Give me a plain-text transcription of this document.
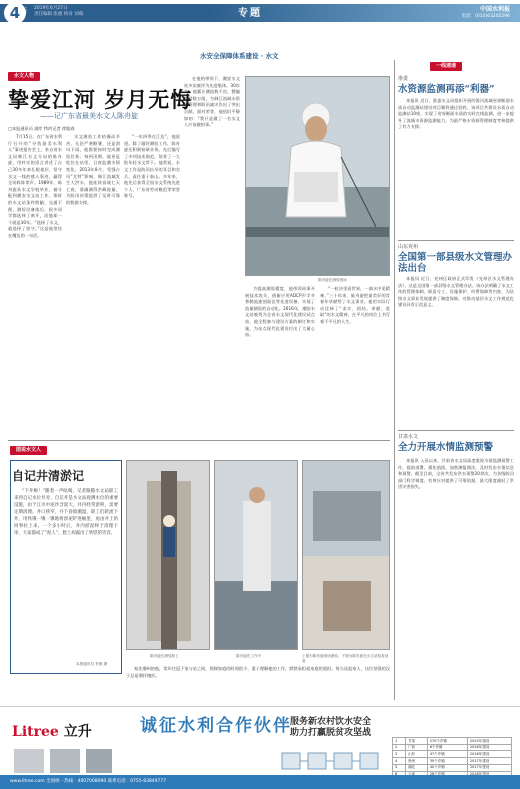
4 版 2019年6月27日
责任编辑 张惠 校对 刘萌	专题	中国水利报
电话：(010)63205296
水安全保障体系建设 · 水文
水文人物
挚爱江河 岁月无悔
——记广东省最美水文人陈舟旋
□本报通讯员 湖岸 特约记者 徐聪春
7月15日，在广东省水利厅召开的“寻找最美水利人”事迹报告会上，来自省水文局韩江水文分局的陈舟旋，用朴实的语言讲述了自己30多年来扎根基层、坚守水文一线的感人事迹，赢得全场阵阵掌声。1989年，陈舟旋从水文学校毕业，被分配到潮安水文站工作。那时的水文站条件简陋，交通不便，测验设备落后，很多同学都选择了离开，而他却一干就是30年。“选择了水文，就选择了坚守。”这是他常挂在嘴边的一句话。
水文测验工作枯燥而辛苦，无论严寒酷暑，还是刮风下雨，他都要按时完成测验任务。每到汛期，他更是吃住在站里，日夜监测水情变化。2013年8月，受强台风“尤特”影响，韩江流域发生大洪水，他连续奋战七天七夜，准确测得洪峰流量，为防汛决策提供了及时可靠的数据支撑。
“一年四季在江边”，他说道。除了做好测验工作，陈舟旋还积极钻研业务，先后编写了多项技术规范，培养了一大批年轻水文骨干。他常说，水文工作是防汛抗旱的耳目和尖兵，责任重于泰山。多年来，他先后获得全国水文系统先进个人、广东省劳动模范等荣誉称号。
在他的带领下，潮安水文站多次被评为先进集体。30年来，他累计测流数千次，整编资料数万组，为韩江流域水资源管理和防汛减灾作出了突出贡献。面对荣誉，他依旧平静如初：“我只是做了一名水文人应该做的事。”
陈舟旋在测验现场
为提高测验精度，他带领同事开展技术攻关，创新应用ADCP声学多普勒流速剖面仪等先进设备，实现了流量测验的自动化。2016年，潮安水文站被列为全省水文现代化建设试点站，他全程参与建设方案的制订和实施，为站点现代化建设付出了大量心血。
“一粒沙里看世界，一滴水中见精神。”三十年来，陈舟旋把最美好的青春年华献给了水文事业。他用实际行动诠释了“求实、团结、奉献、进取”的水文精神，在平凡的岗位上书写着不平凡的人生。
图说水文人
自记井清淤记
“下井啦！”随着一声吆喝，记者跟随水文站职工来到自记水位井旁。自记井是水文站观测水位的重要设施，由于江水中泥沙含量大，井内经常淤积，需要定期清理。井口狭窄，井下昏暗潮湿，职工们轮流下井，用铁锹一锹一锹地将淤泥铲进桶里，再由井上的同事拉上来。一个多小时后，井内淤泥终于清理干净，大家都成了“泥人”，脸上却露出了欣慰的笑容。
本报通讯员 李康 摄
陈舟旋在测验船上	陈舟旋在工作中	上图为陈舟旋现场测验；下图为陈舟旋在水文站检查设备
家住潮州的他，常年往返于家与站之间，照顾家庭的时间很少。妻子理解他的工作，默默承担起家庭的重担。每当谈起家人，这位坚强的汉子总是满怀愧疚。
一线速递
淮委
水资源监测再添“利器”
本报讯 近日，淮委水文局组织开展的淮河流域省界断面水质自动监测站建设项目顺利通过验收。该项目共建设水质自动监测站10座，实现了省界断面水质的实时在线监测，进一步提升了流域水资源监测能力，为最严格水资源管理制度考核提供了有力支撑。
山东兖州
全国第一部县级水文管理办法出台
本报讯 近日，兖州区政府正式印发《兖州区水文管理办法》，这是全国第一部县级水文管理办法。该办法明确了水文工作的管理体制、职责分工、设施保护、经费保障等内容，为县级水文事业发展提供了制度保障，对推动基层水文工作规范化建设具有示范意义。
甘肃水文
全力开展水情监测预警
本报讯 入汛以来，甘肃省水文局高度重视水情监测预警工作，提前部署，强化值班，加密测报频次，及时发布水情信息和预警。截至目前，全省共发布洪水预警20余次，为各级防汛部门科学调度、有效应对提供了可靠依据，最大限度减轻了洪涝灾害损失。
Litree 立升	诚征水利合作伙伴
服务新农村饮水安全
助力打赢脱贫攻坚战
1	甘肃	270个乡镇	2015年建设
2	广西	6个乡镇	2016年建设
3	山东	47个乡镇	2016年建设
4	贵州	30个乡镇	2017年建设
5	湖北	40个乡镇	2017年建设

www.litree.com 全国统一热线：4007008090 联系电话：0755-83849777
